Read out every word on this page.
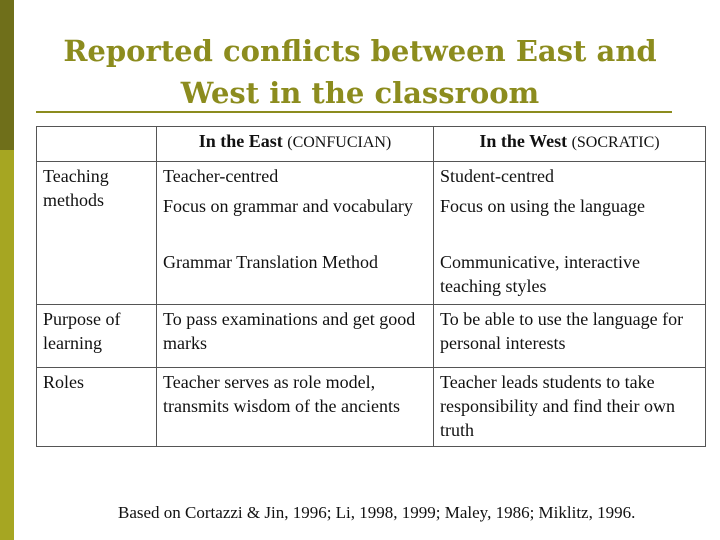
Reported conflicts between East and West in the classroom
	In the East (CONFUCIAN)	In the West (SOCRATIC)
Teaching methods	Teacher-centred	Student-centred
	Focus on grammar and vocabulary	Focus on using the language
	Grammar Translation Method	Communicative, interactive teaching styles
Purpose of learning	To pass examinations and get good marks	To be able to use the language for personal interests
Roles	Teacher serves as role model, transmits wisdom of the ancients	Teacher leads students to take responsibility and find their own truth
Based on Cortazzi & Jin, 1996; Li, 1998, 1999; Maley, 1986; Miklitz, 1996.
